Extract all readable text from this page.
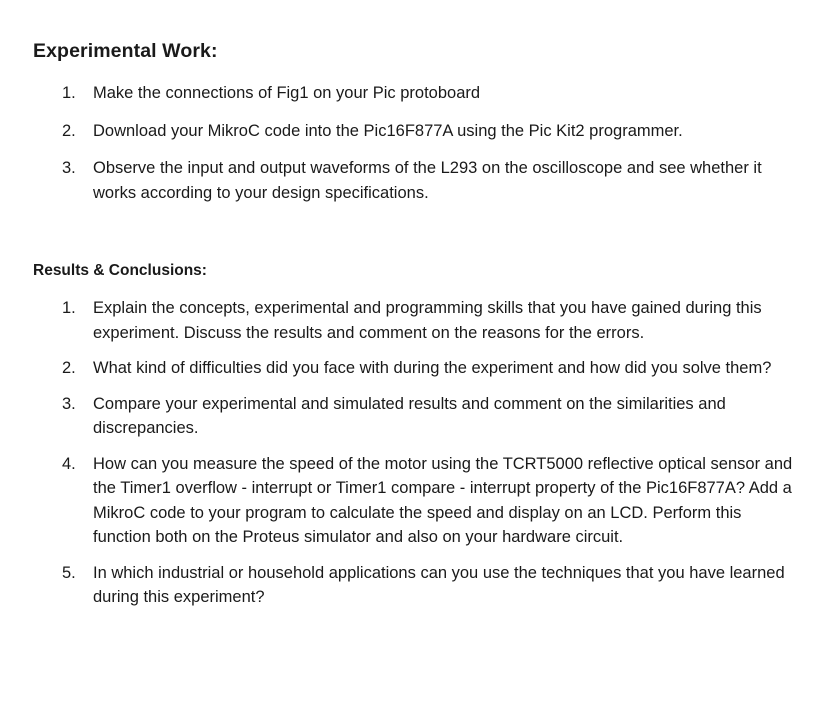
Experimental Work:
1.	Make the connections of Fig1 on your Pic protoboard
2.	Download your MikroC code into the Pic16F877A using the Pic Kit2 programmer.
3.	Observe the input and output waveforms of the L293 on the oscilloscope and see whether it works according to your design specifications.
Results & Conclusions:
1.	Explain the concepts, experimental and programming skills that you have gained during this experiment. Discuss the results and comment on the reasons for the errors.
2.	What kind of difficulties did you face with during the experiment and how did you solve them?
3.	Compare your experimental and simulated results and comment on the similarities and discrepancies.
4.	How can you measure the speed of the motor using the TCRT5000 reflective optical sensor and the Timer1 overflow - interrupt or Timer1 compare - interrupt property of the Pic16F877A? Add a MikroC code to your program to calculate the speed and display on an LCD. Perform this function both on the Proteus simulator and also on your hardware circuit.
5.	In which industrial or household applications can you use the techniques that you have learned during this experiment?
